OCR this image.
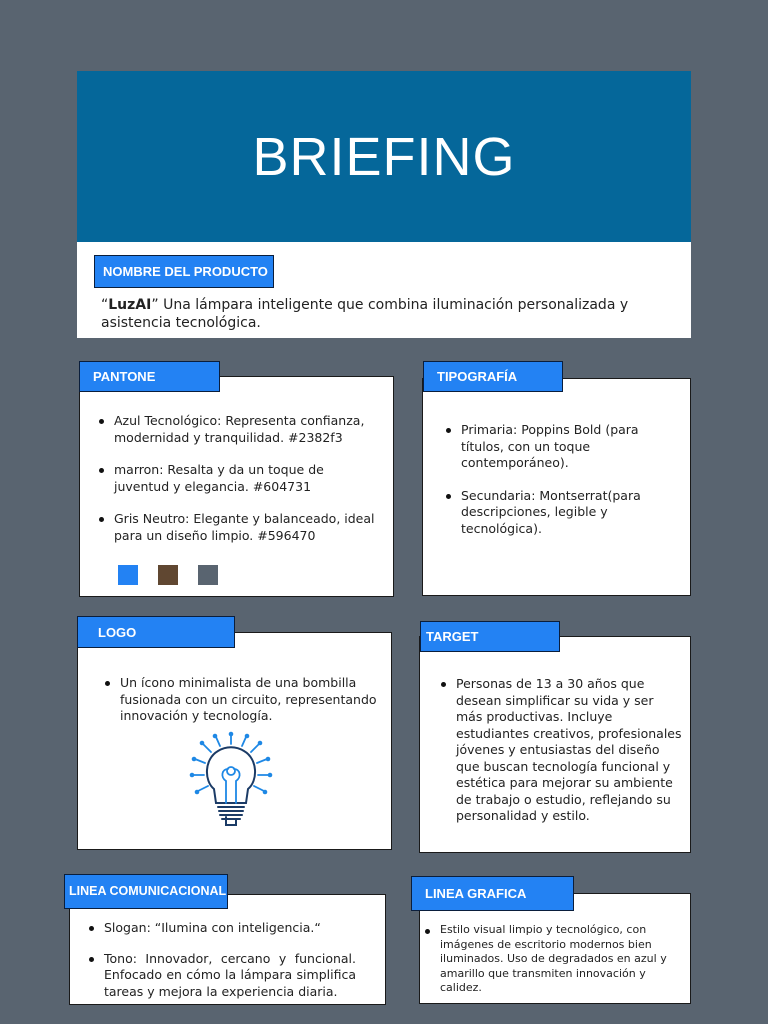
BRIEFING
NOMBRE DEL PRODUCTO

“LuzAI” Una lámpara inteligente que combina iluminación personalizada y asistencia tecnológica.

PANTONE
Azul Tecnológico: Representa confianza, modernidad y tranquilidad. #2382f3
marron: Resalta y da un toque de juventud y elegancia. #604731
Gris Neutro: Elegante y balanceado, ideal para un diseño limpio. #596470
TIPOGRAFÍA
Primaria: Poppins Bold (para títulos, con un toque contemporáneo).
Secundaria: Montserrat(para descripciones, legible y tecnológica).
LOGO
Un ícono minimalista de una bombilla fusionada con un circuito, representando innovación y tecnología.
TARGET
Personas de 13 a 30 años que desean simplificar su vida y ser más productivas. Incluye estudiantes creativos, profesionales jóvenes y entusiastas del diseño que buscan tecnología funcional y estética para mejorar su ambiente de trabajo o estudio, reflejando su personalidad y estilo.
LINEA COMUNICACIONAL
Slogan: “Ilumina con inteligencia.“
Tono: Innovador, cercano y funcional. Enfocado en cómo la lámpara simplifica tareas y mejora la experiencia diaria.
LINEA GRAFICA
Estilo visual limpio y tecnológico, con imágenes de escritorio modernos bien iluminados. Uso de degradados en azul y amarillo que transmiten innovación y calidez.
